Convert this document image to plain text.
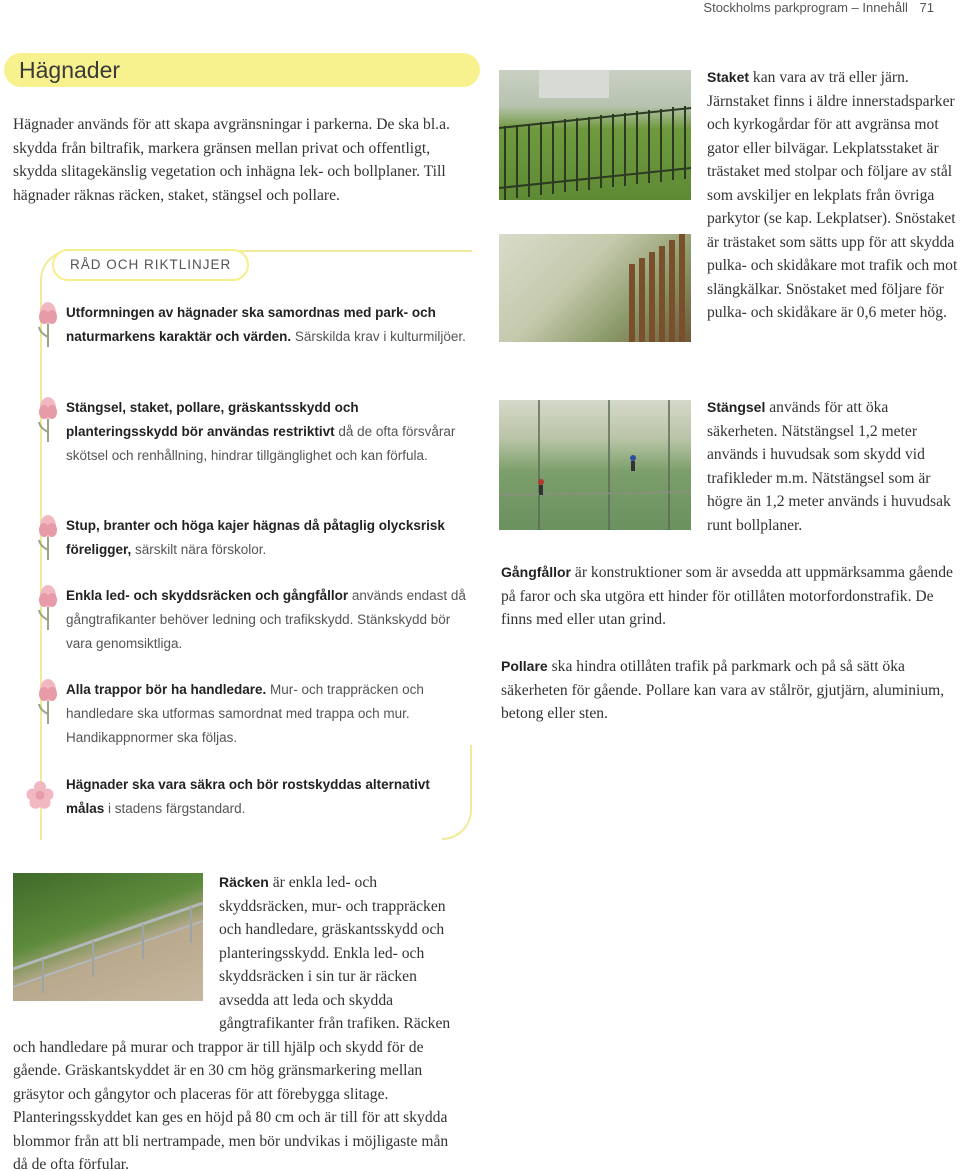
Stockholms parkprogram – Innehåll 71
Hägnader

Hägnader används för att skapa avgränsningar i parkerna. De ska bl.a. skydda från biltrafik, markera gränsen mellan privat och offentligt, skydda slitagekänslig vegetation och inhägna lek- och bollplaner. Till hägnader räknas räcken, staket, stängsel och pollare.

RÅD OCH RIKTLINJER

Utformningen av hägnader ska samordnas med park- och naturmarkens karaktär och värden. Särskilda krav i kulturmiljöer.

Stängsel, staket, pollare, gräskantsskydd och planteringsskydd bör användas restriktivt då de ofta försvårar skötsel och renhållning, hindrar tillgänglighet och kan förfula.

Stup, branter och höga kajer hägnas då påtaglig olycksrisk föreligger, särskilt nära förskolor.

Enkla led- och skyddsräcken och gångfållor används endast då gångtrafikanter behöver ledning och trafikskydd. Stänkskydd bör vara genomsiktliga.

Alla trappor bör ha handledare. Mur- och trappräcken och handledare ska utformas samordnat med trappa och mur. Handikappnormer ska följas.

Hägnader ska vara säkra och bör rostskyddas alternativt målas i stadens färgstandard.

Staket kan vara av trä eller järn. Järnstaket finns i äldre innerstadsparker och kyrkogårdar för att avgränsa mot gator eller bilvägar. Lekplatsstaket är trästaket med stolpar och följare av stål som avskiljer en lekplats från övriga parkytor (se kap. Lekplatser). Snöstaket är trästaket som sätts upp för att skydda pulka- och skidåkare mot trafik och mot slängkälkar. Snöstaket med följare för pulka- och skidåkare är 0,6 meter hög.

Stängsel används för att öka säkerheten. Nätstängsel 1,2 meter används i huvudsak som skydd vid trafikleder m.m. Nätstängsel som är högre än 1,2 meter används i huvudsak runt bollplaner.

Gångfållor är konstruktioner som är avsedda att uppmärksamma gående på faror och ska utgöra ett hinder för otillåten motorfordonstrafik. De finns med eller utan grind.

Pollare ska hindra otillåten trafik på parkmark och på så sätt öka säkerheten för gående. Pollare kan vara av stålrör, gjutjärn, aluminium, betong eller sten.

Räcken är enkla led- och skyddsräcken, mur- och trappräcken och handledare, gräskantsskydd och planteringsskydd. Enkla led- och skyddsräcken i sin tur är räcken avsedda att leda och skydda gångtrafikanter från trafiken. Räcken och handledare på murar och trappor är till hjälp och skydd för de gående. Gräskantskyddet är en 30 cm hög gränsmarkering mellan gräsytor och gångytor och placeras för att förebygga slitage. Planteringsskyddet kan ges en höjd på 80 cm och är till för att skydda blommor från att bli nertrampade, men bör undvikas i möjligaste mån då de ofta förfular.
